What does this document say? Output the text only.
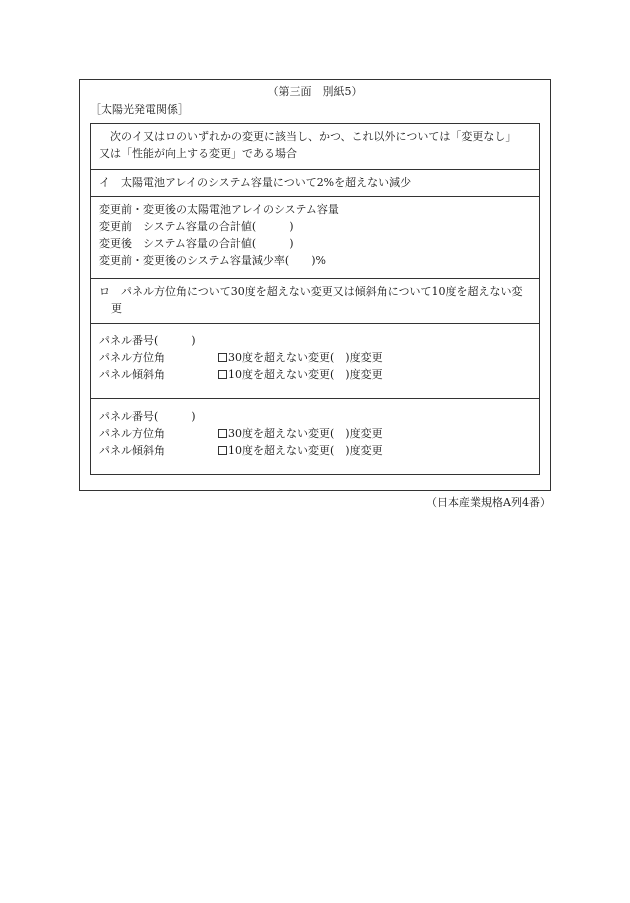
（第三面　別紙5）
［太陽光発電関係］
次のイ又はロのいずれかの変更に該当し、かつ、これ以外については「変更なし」
又は「性能が向上する変更」である場合
イ　太陽電池アレイのシステム容量について2%を超えない減少
変更前・変更後の太陽電池アレイのシステム容量
変更前　システム容量の合計値(　　　)
変更後　システム容量の合計値(　　　)
変更前・変更後のシステム容量減少率(　　)%
ロ　パネル方位角について30度を超えない変更又は傾斜角について10度を超えない変更
パネル番号(　　　)
パネル方位角	30度を超えない変更(　)度変更
パネル傾斜角	10度を超えない変更(　)度変更
パネル番号(　　　)
パネル方位角	30度を超えない変更(　)度変更
パネル傾斜角	10度を超えない変更(　)度変更
（日本産業規格A列4番）
